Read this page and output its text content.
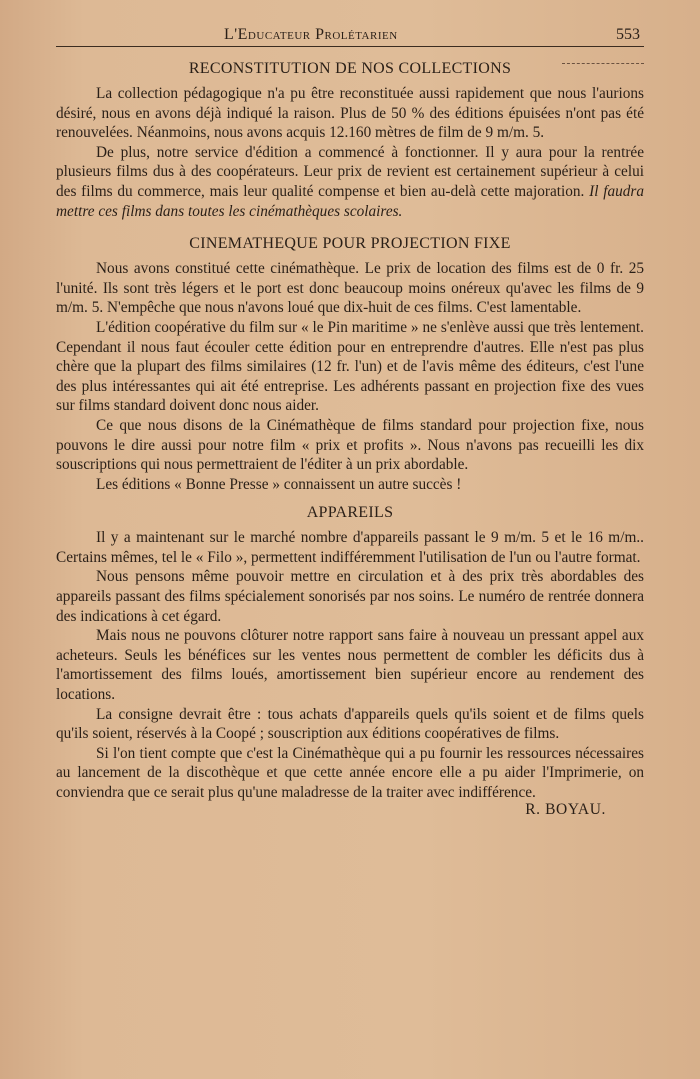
L'Educateur Prolétarien	553
RECONSTITUTION DE NOS COLLECTIONS

La collection pédagogique n'a pu être reconstituée aussi rapidement que nous l'aurions désiré, nous en avons déjà indiqué la raison. Plus de 50 % des éditions épuisées n'ont pas été renouvelées. Néanmoins, nous avons acquis 12.160 mètres de film de 9 m/m. 5.

De plus, notre service d'édition a commencé à fonctionner. Il y aura pour la rentrée plusieurs films dus à des coopérateurs. Leur prix de revient est certainement supérieur à celui des films du commerce, mais leur qualité compense et bien au-delà cette majoration. Il faudra mettre ces films dans toutes les cinémathèques scolaires.

CINEMATHEQUE POUR PROJECTION FIXE

Nous avons constitué cette cinémathèque. Le prix de location des films est de 0 fr. 25 l'unité. Ils sont très légers et le port est donc beaucoup moins onéreux qu'avec les films de 9 m/m. 5. N'empêche que nous n'avons loué que dix-huit de ces films. C'est lamentable.

L'édition coopérative du film sur « le Pin maritime » ne s'enlève aussi que très lentement. Cependant il nous faut écouler cette édition pour en entreprendre d'autres. Elle n'est pas plus chère que la plupart des films similaires (12 fr. l'un) et de l'avis même des éditeurs, c'est l'une des plus intéressantes qui ait été entreprise. Les adhérents passant en projection fixe des vues sur films standard doivent donc nous aider.

Ce que nous disons de la Cinémathèque de films standard pour projection fixe, nous pouvons le dire aussi pour notre film « prix et profits ». Nous n'avons pas recueilli les dix souscriptions qui nous permettraient de l'éditer à un prix abordable.

Les éditions « Bonne Presse » connaissent un autre succès !

APPAREILS

Il y a maintenant sur le marché nombre d'appareils passant le 9 m/m. 5 et le 16 m/m.. Certains mêmes, tel le « Filo », permettent indifféremment l'utilisation de l'un ou l'autre format.

Nous pensons même pouvoir mettre en circulation et à des prix très abordables des appareils passant des films spécialement sonorisés par nos soins. Le numéro de rentrée donnera des indications à cet égard.

Mais nous ne pouvons clôturer notre rapport sans faire à nouveau un pressant appel aux acheteurs. Seuls les bénéfices sur les ventes nous permettent de combler les déficits dus à l'amortissement des films loués, amortissement bien supérieur encore au rendement des locations.

La consigne devrait être : tous achats d'appareils quels qu'ils soient et de films quels qu'ils soient, réservés à la Coopé ; souscription aux éditions coopératives de films.

Si l'on tient compte que c'est la Cinémathèque qui a pu fournir les ressources nécessaires au lancement de la discothèque et que cette année encore elle a pu aider l'Imprimerie, on conviendra que ce serait plus qu'une maladresse de la traiter avec indifférence.

R. BOYAU.
